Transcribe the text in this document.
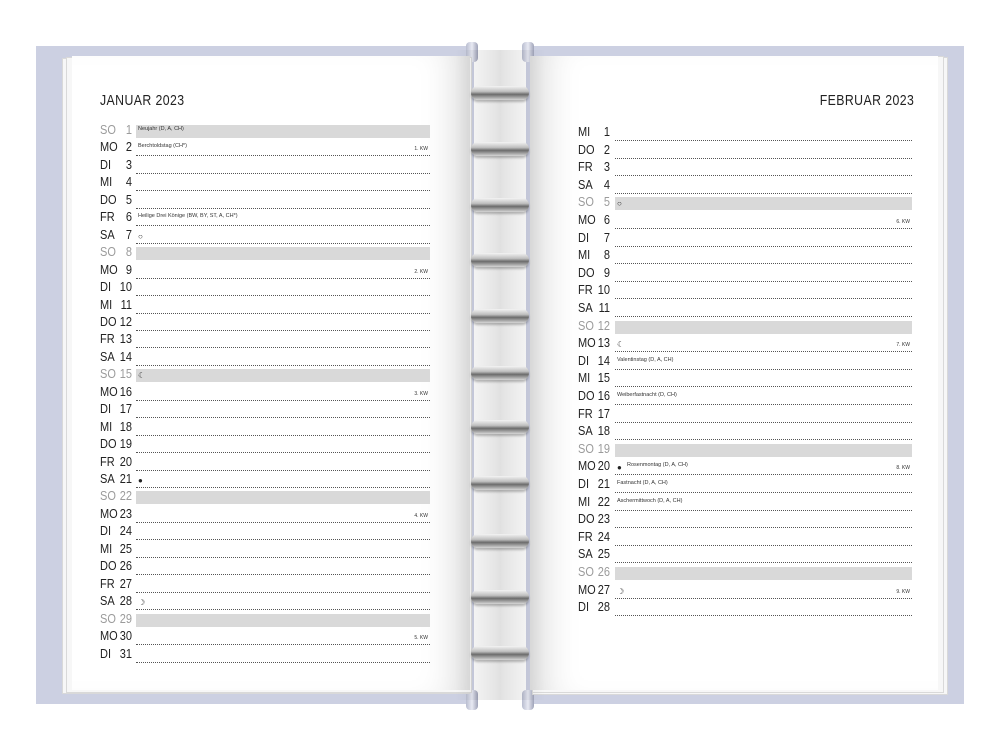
JANUAR 2023	FEBRUAR 2023
SO 1 Neujahr (D, A, CH)
MO 2 Berchtoldstag (CH*)	1. KW
DI	3
MI	4
DO 5
FR 6 Heilige Drei Könige (BW, BY, ST, A, CH*)
SA 7 ○
SO 8
MO 9	2. KW
DI 10
MI 11
DO 12
FR 13
SA 14
SO 15 ☾
MO 16	3. KW
DI 17
MI 18
DO 19
FR 20
SA 21 ●
SO 22
MO 23	4. KW
DI 24
MI 25
DO 26
FR 27
SA 28 ☽
SO 29
MO 30	5. KW
DI 31
MI	1
DO 2
FR 3
SA 4
SO 5 ○
MO 6	6. KW
DI	7
MI	8
DO 9
FR 10
SA 11
SO 12
MO 13 ☾	7. KW
DI 14 Valentinstag (D, A, CH)
MI 15
DO 16 Weiberfastnacht (D, CH)
FR 17
SA 18
SO 19
MO 20 ● Rosenmontag (D, A, CH)	8. KW
DI 21 Fastnacht (D, A, CH)
MI 22 Aschermittwoch (D, A, CH)
DO 23
FR 24
SA 25
SO 26
MO 27 ☽	9. KW
DI 28
